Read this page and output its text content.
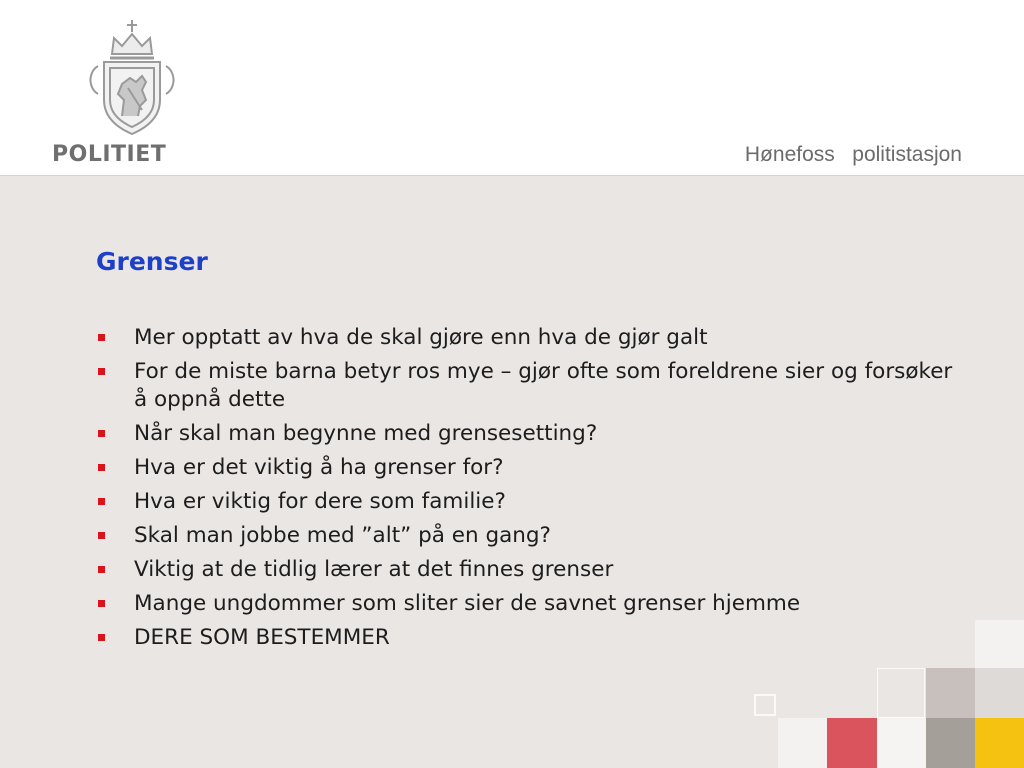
POLITIET	Hønefoss   politistasjon
Grenser
Mer opptatt av hva de skal gjøre enn hva de gjør galt
For de miste barna betyr ros mye – gjør ofte som foreldrene sier og forsøker å oppnå dette
Når skal man begynne med grensesetting?
Hva er det viktig å ha grenser for?
Hva er viktig for dere som familie?
Skal man jobbe med ”alt” på en gang?
Viktig at de tidlig lærer at det finnes grenser
Mange ungdommer som sliter sier de savnet grenser hjemme
DERE SOM BESTEMMER
